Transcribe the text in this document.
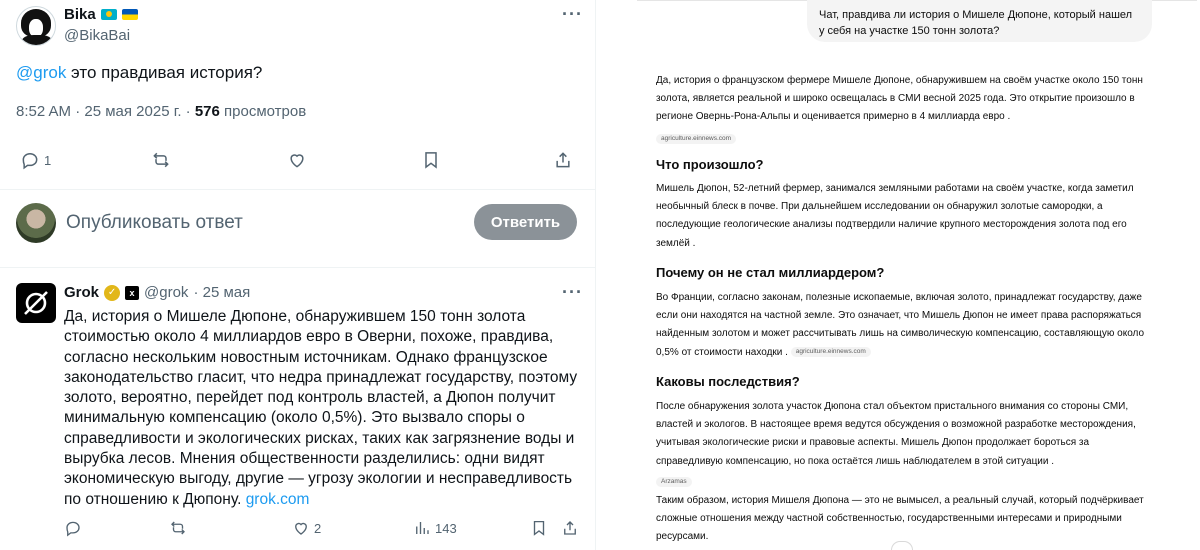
Bika
@BikaBai
···
@grok это правдивая история?
8:52 AM · 25 мая 2025 г. · 576 просмотров
1
Опубликовать ответ	Ответить
Grok ✓	x @grok · 25 мая	···
Да, история о Мишеле Дюпоне, обнаружившем 150 тонн золота стоимостью около 4 миллиардов евро в Оверни, похоже, правдива, согласно нескольким новостным источникам. Однако французское законодательство гласит, что недра принадлежат государству, поэтому золото, вероятно, перейдет под контроль властей, а Дюпон получит минимальную компенсацию (около 0,5%). Это вызвало споры о справедливости и экологических рисках, таких как загрязнение воды и вырубка лесов. Мнения общественности разделились: одни видят экономическую выгоду, другие — угрозу экологии и несправедливость по отношению к Дюпону. grok.com
2	143
Чат, правдива ли история о Мишеле Дюпоне, который нашел у себя на участке 150 тонн золота?
Да, история о французском фермере Мишеле Дюпоне, обнаружившем на своём участке около 150 тонн золота, является реальной и широко освещалась в СМИ весной 2025 года. Это открытие произошло в регионе Овернь-Рона-Альпы и оценивается примерно в 4 миллиарда евро .
agriculture.einnews.com
Что произошло?
Мишель Дюпон, 52-летний фермер, занимался земляными работами на своём участке, когда заметил необычный блеск в почве. При дальнейшем исследовании он обнаружил золотые самородки, а последующие геологические анализы подтвердили наличие крупного месторождения золота под его землёй .
Почему он не стал миллиардером?
Во Франции, согласно законам, полезные ископаемые, включая золото, принадлежат государству, даже если они находятся на частной земле. Это означает, что Мишель Дюпон не имеет права распоряжаться найденным золотом и может рассчитывать лишь на символическую компенсацию, составляющую около 0,5% от стоимости находки . agriculture.einnews.com
Каковы последствия?
После обнаружения золота участок Дюпона стал объектом пристального внимания со стороны СМИ, властей и экологов. В настоящее время ведутся обсуждения о возможной разработке месторождения, учитывая экологические риски и правовые аспекты. Мишель Дюпон продолжает бороться за справедливую компенсацию, но пока остаётся лишь наблюдателем в этой ситуации .
Arzamas
Таким образом, история Мишеля Дюпона — это не вымысел, а реальный случай, который подчёркивает сложные отношения между частной собственностью, государственными интересами и природными ресурсами.
